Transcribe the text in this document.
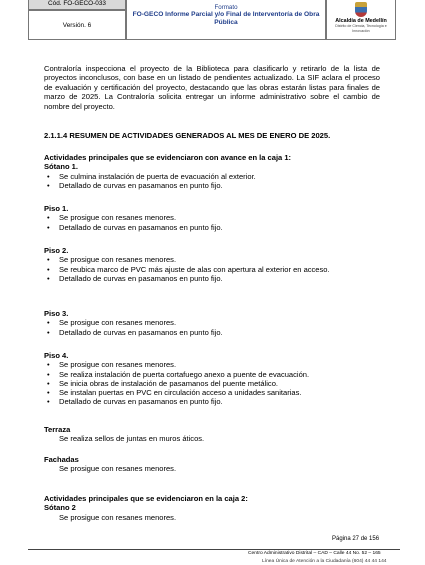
Cód. FO-GECO-033
Versión. 6
Formato
FO-GECO Informe Parcial y/o Final de Interventoría de Obra Pública	Alcaldía de Medellín
Distrito de Ciencia, Tecnología e Innovación

Contraloría inspecciona el proyecto de la Biblioteca para clasificarlo y retirarlo de la lista de proyectos inconclusos, con base en un listado de pendientes actualizado. La SIF aclara el proceso de evaluación y certificación del proyecto, destacando que las obras estarán listas para finales de marzo de 2025. La Contraloría solicita entregar un informe administrativo sobre el cambio de nombre del proyecto.

2.1.1.4 RESUMEN DE ACTIVIDADES GENERADOS AL MES DE ENERO DE 2025.
Actividades principales que se evidenciaron con avance en la caja 1:
Sótano 1.
• Se culmina instalación de puerta de evacuación al exterior.
• Detallado de curvas en pasamanos en punto fijo.
Piso 1.
• Se prosigue con resanes menores.
• Detallado de curvas en pasamanos en punto fijo.
Piso 2.
• Se prosigue con resanes menores.
• Se reubica marco de PVC más ajuste de alas con apertura al exterior en acceso.
• Detallado de curvas en pasamanos en punto fijo.
Piso 3.
• Se prosigue con resanes menores.
• Detallado de curvas en pasamanos en punto fijo.
Piso 4.
• Se prosigue con resanes menores.
• Se realiza instalación de puerta cortafuego anexo a puente de evacuación.
• Se inicia obras de instalación de pasamanos del puente metálico.
• Se instalan puertas en PVC en circulación acceso a unidades sanitarias.
• Detallado de curvas en pasamanos en punto fijo.
Terraza
Se realiza sellos de juntas en muros áticos.
Fachadas
Se prosigue con resanes menores.
Actividades principales que se evidenciaron en la caja 2:
Sótano 2
Se prosigue con resanes menores.
Página 27 de 156
Centro Administrativo Distrital – CAD – Calle 44 No. 52 – 165
Línea Única de Atención a la Ciudadanía (604) 44 44 144
